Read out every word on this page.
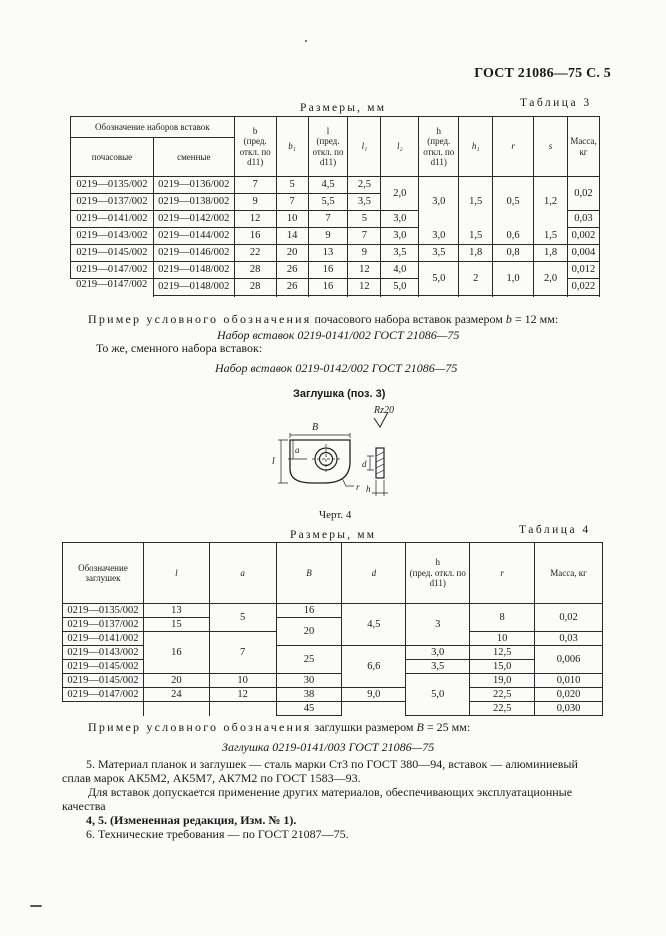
ГОСТ 21086—75 С. 5
Размеры, мм	Таблица 3
Обозначение наборов вставок		b
(пред. откл. по d11)	b₁	l
(пред. откл. по d11)	l₁	l₂	h
(пред. откл. по d11)	h₁	r	s	Масса, кг
почасовые	сменные										
0219—0135/002	0219—0136/002	7	5	4,5	2,5	2,0	3,0	1,5	0,5	1,2	0,02
0219—0137/002	0219—0138/002	9	7	5,5	3,5						
0219—0141/002	0219—0142/002	12	10	7	5	3,0					0,03
0219—0143/002	0219—0144/002	16	14	9	7	3,0	3,0	1,5	0,6	1,5	0,002
0219—0145/002	0219—0146/002	22	20	13	9	3,5	3,5	1,8	0,8	1,8	0,004
0219—0147/002	0219—0148/002	28	26	16	12	4,0	5,0	2	1,0	2,0	0,012
0219—0147/002	0219—0148/002	28	26	16	12	5,0					0,022

Пример условного обозначения почасового набора вставок размером b = 12 мм:
Набор вставок 0219-0141/002 ГОСТ 21086—75
То же, сменного набора вставок:
Набор вставок 0219-0142/002 ГОСТ 21086—75
Заглушка (поз. 3)
Rz20
B
l
a
d
r h
Черт. 4
Размеры, мм	Таблица 4
Обозначение заглушек	l	a	B	d	h
(пред. откл. по d11)	r	Масса, кг
0219—0135/002	13	5	16	4,5	3	8	0,02
0219—0137/002	15		20				
0219—0141/002	16	7				10	0,03
0219—0143/002			25	6,6	3,0	12,5	0,006
0219—0145/002					3,5	15,0	
0219—0145/002	20	10	30		5,0	19,0	0,010
0219—0147/002	24	12	38	9,0		22,5	0,020
			45			22,5	0,030
Пример условного обозначения заглушки размером B = 25 мм:
Заглушка 0219-0141/003 ГОСТ 21086—75
5. Материал планок и заглушек — сталь марки Ст3 по ГОСТ 380—94, вставок — алюминиевый
сплав марок АК5М2, АК5М7, АК7М2 по ГОСТ 1583—93.
Для вставок допускается применение других материалов, обеспечивающих эксплуатационные
качества
4, 5. (Измененная редакция, Изм. № 1).
6. Технические требования — по ГОСТ 21087—75.
